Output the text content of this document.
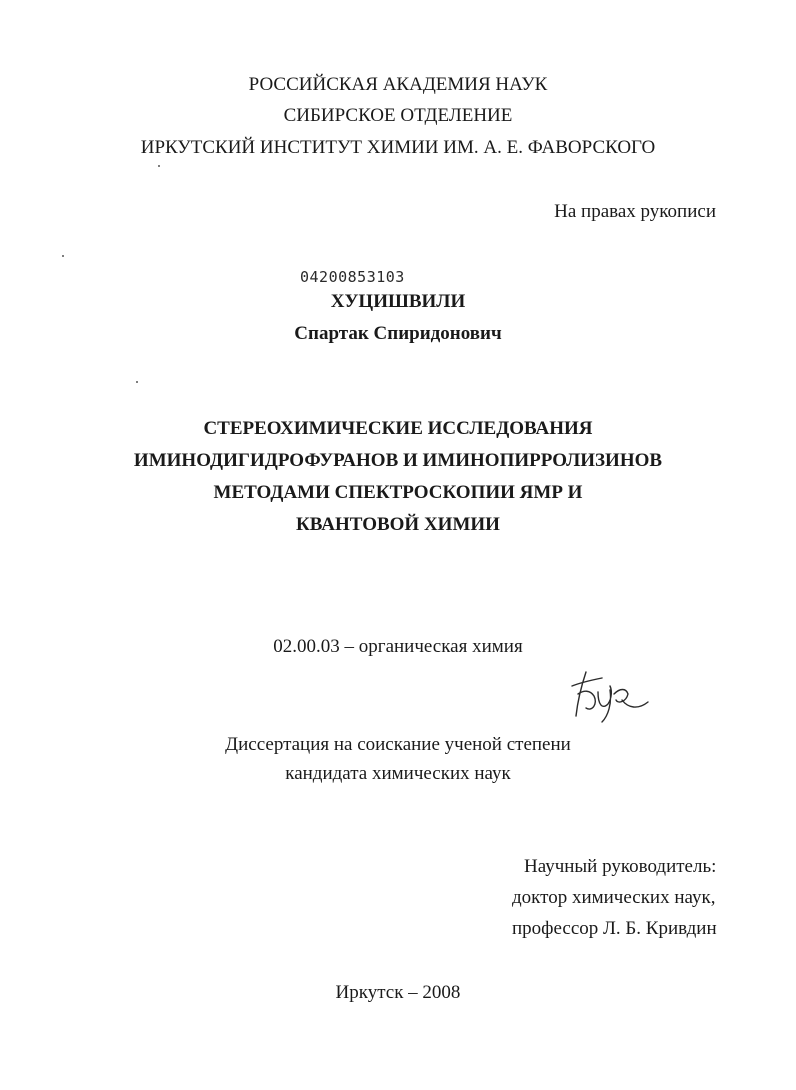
РОССИЙСКАЯ АКАДЕМИЯ НАУК
СИБИРСКОЕ ОТДЕЛЕНИЕ
ИРКУТСКИЙ ИНСТИТУТ ХИМИИ ИМ. А. Е. ФАВОРСКОГО
На правах рукописи
04200853103
ХУЦИШВИЛИ
Спартак Спиридонович
СТЕРЕОХИМИЧЕСКИЕ ИССЛЕДОВАНИЯ
ИМИНОДИГИДРОФУРАНОВ И ИМИНОПИРРОЛИЗИНОВ
МЕТОДАМИ СПЕКТРОСКОПИИ ЯМР И
КВАНТОВОЙ ХИМИИ
02.00.03 – органическая химия
Диссертация на соискание ученой степени
кандидата химических наук
Научный руководитель:
доктор химических наук,
профессор Л. Б. Кривдин
Иркутск – 2008
